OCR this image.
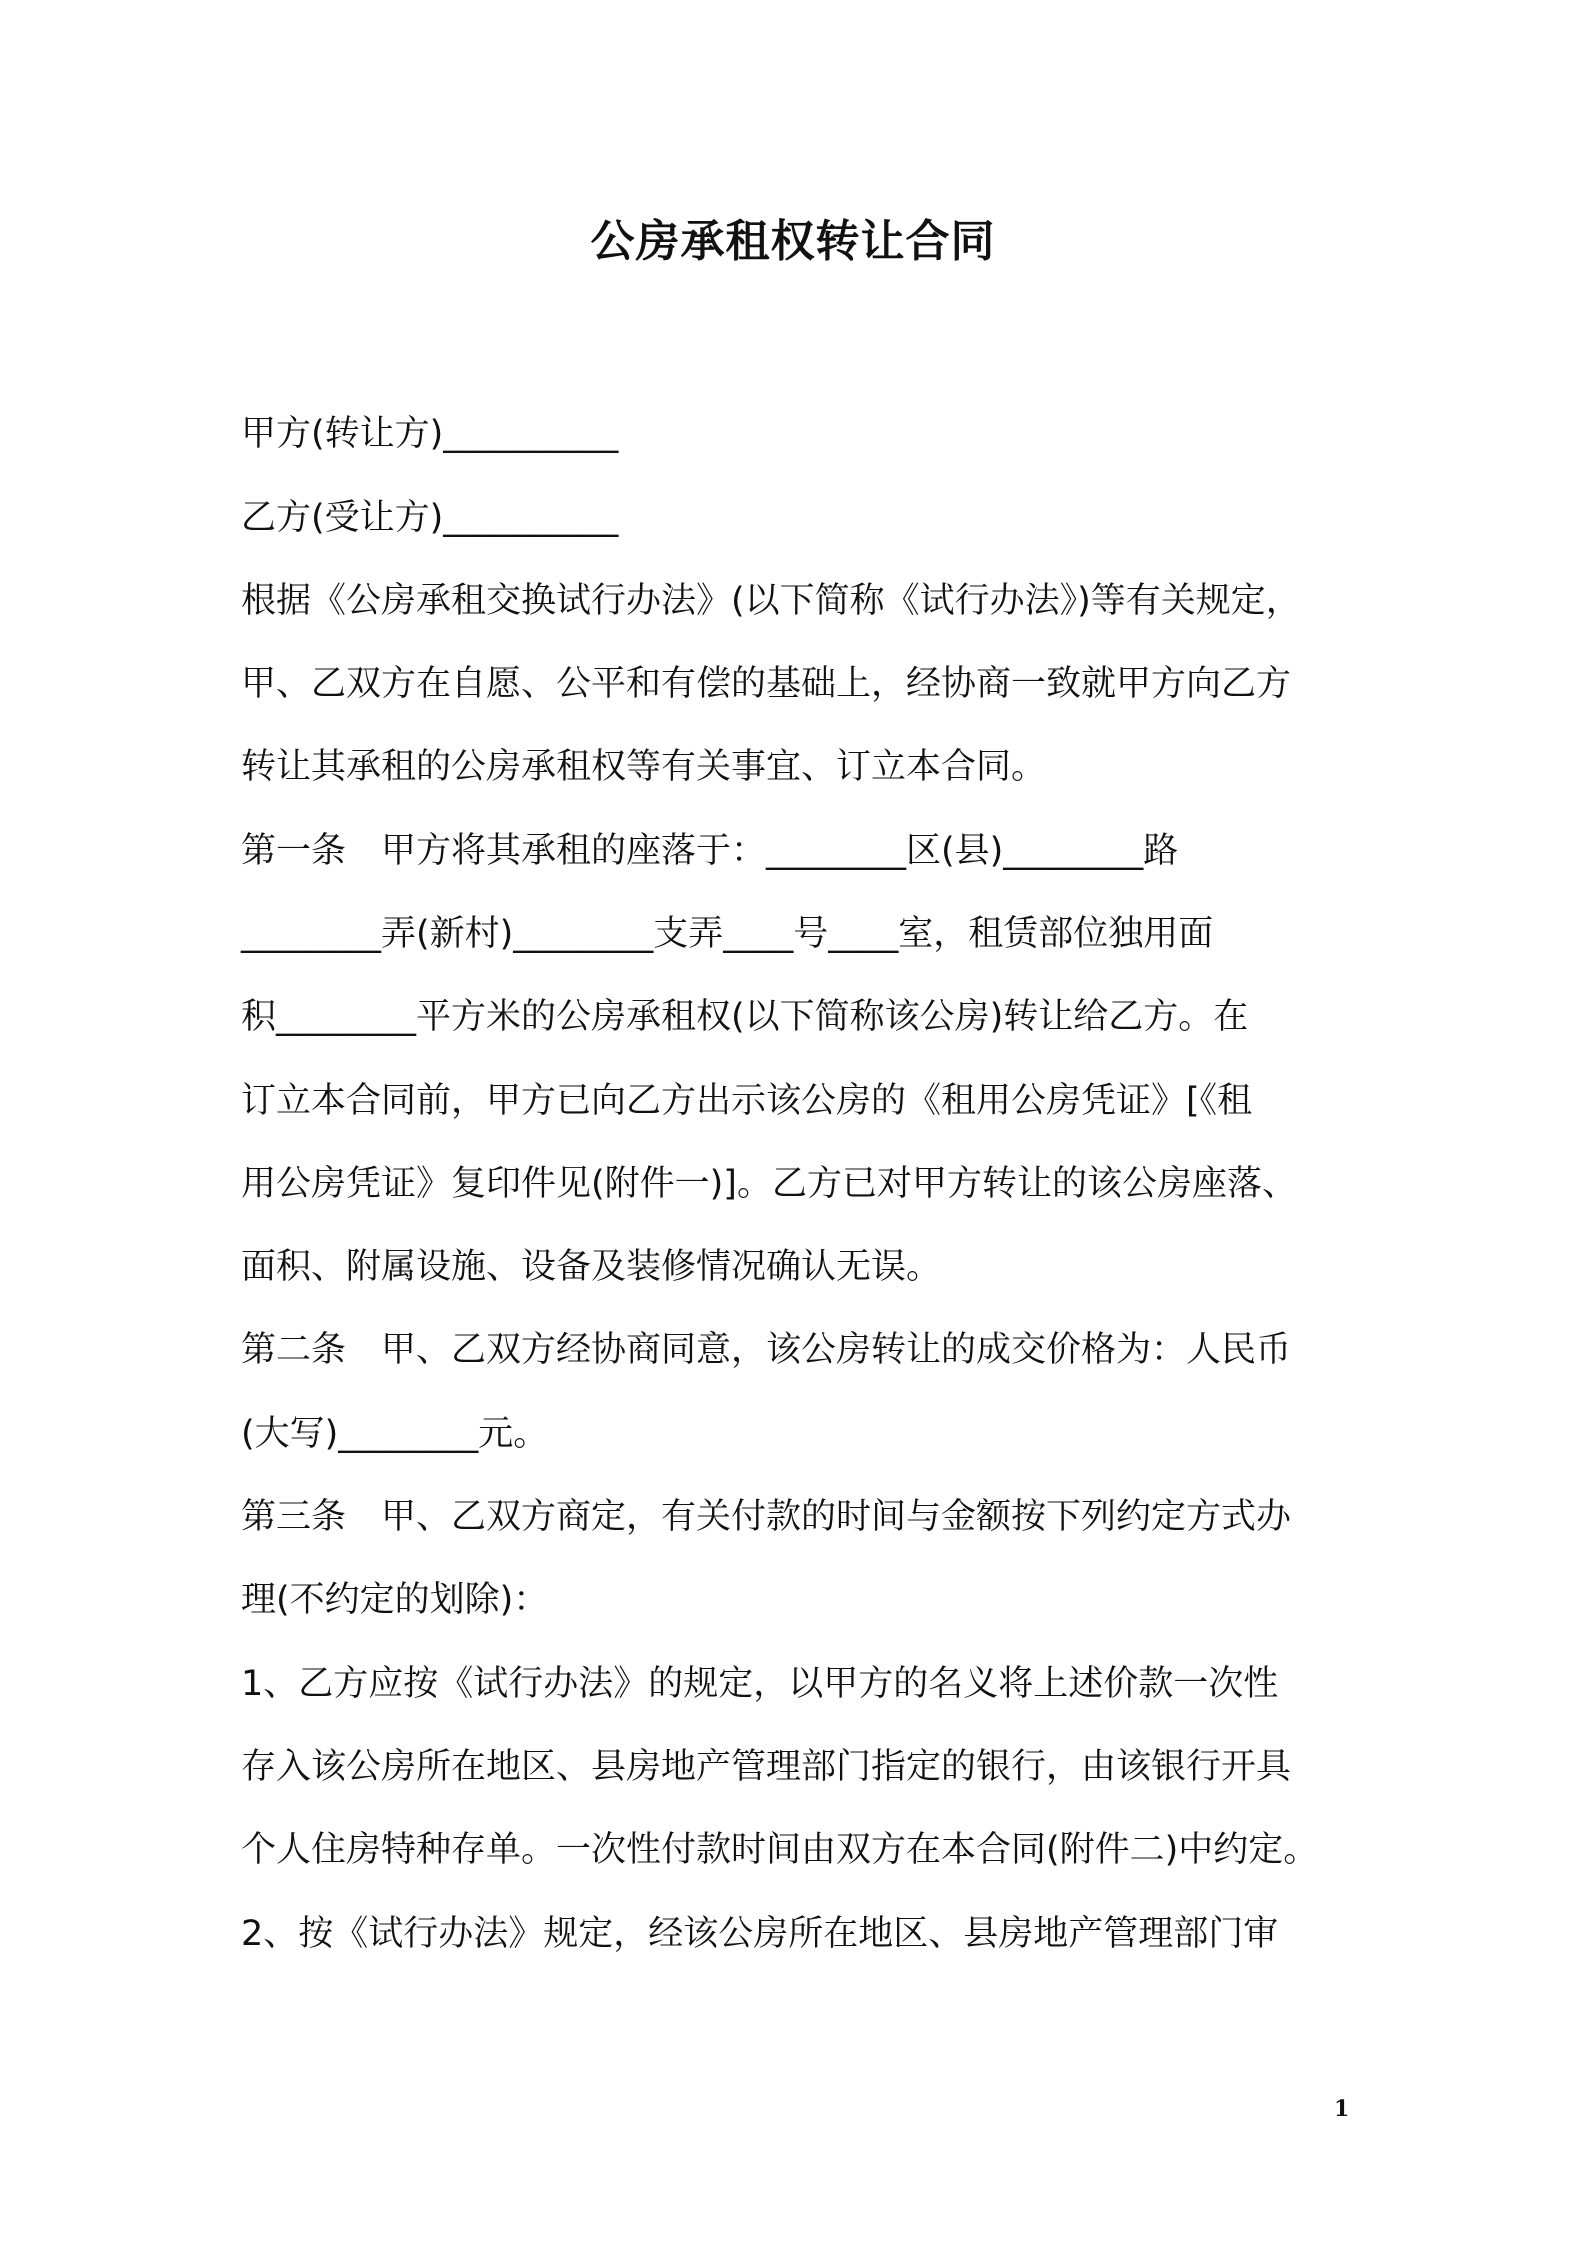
公房承租权转让合同
甲方(转让方)__________
乙方(受让方)__________
根据《公房承租交换试行办法》(以下简称《试行办法》)等有关规定，
甲、乙双方在自愿、公平和有偿的基础上，经协商一致就甲方向乙方
转让其承租的公房承租权等有关事宜、订立本合同。
第一条　甲方将其承租的座落于：________区(县)________路
________弄(新村)________支弄____号____室，租赁部位独用面
积________平方米的公房承租权(以下简称该公房)转让给乙方。在
订立本合同前，甲方已向乙方出示该公房的《租用公房凭证》[《租
用公房凭证》复印件见(附件一)]。乙方已对甲方转让的该公房座落、
面积、附属设施、设备及装修情况确认无误。
第二条　甲、乙双方经协商同意，该公房转让的成交价格为：人民币
(大写)________元。
第三条　甲、乙双方商定，有关付款的时间与金额按下列约定方式办
理(不约定的划除)：
1、乙方应按《试行办法》的规定，以甲方的名义将上述价款一次性
存入该公房所在地区、县房地产管理部门指定的银行，由该银行开具
个人住房特种存单。一次性付款时间由双方在本合同(附件二)中约定。
2、按《试行办法》规定，经该公房所在地区、县房地产管理部门审
1
